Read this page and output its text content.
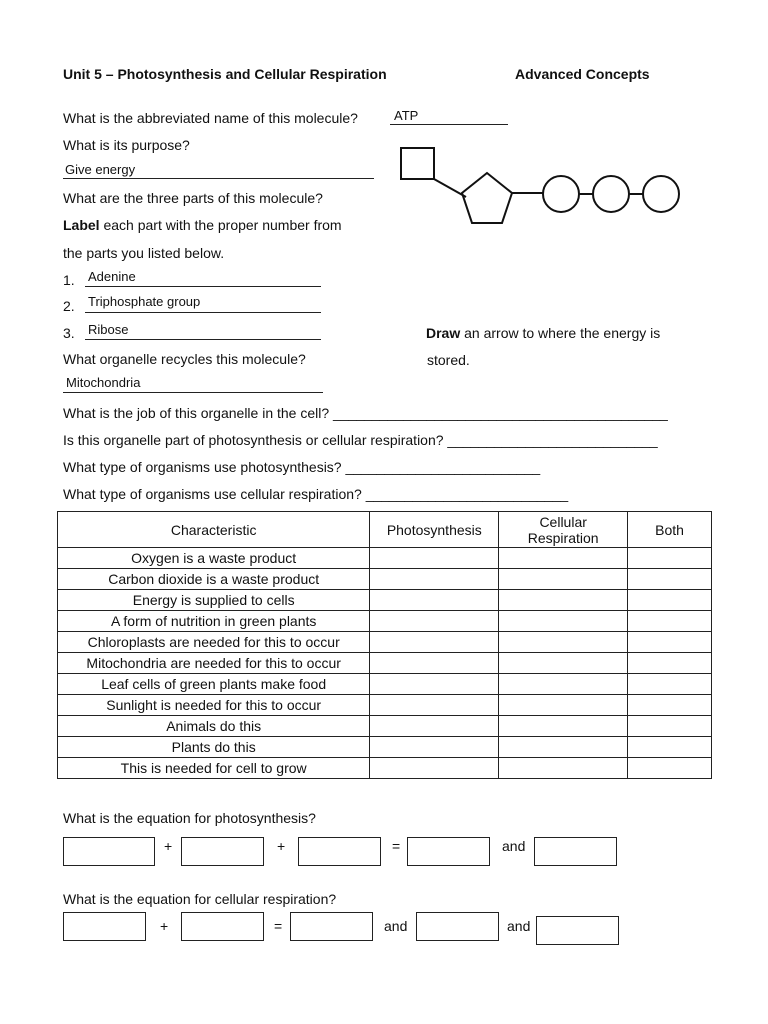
Unit 5 – Photosynthesis and Cellular Respiration	Advanced Concepts
What is the abbreviated name of this molecule?	ATP
What is its purpose?
Give energy
What are the three parts of this molecule?
Label each part with the proper number from
the parts you listed below.
1. Adenine
2. Triphosphate group
3. Ribose	Draw an arrow to where the energy is
stored.
What organelle recycles this molecule?
Mitochondria
What is the job of this organelle in the cell? ___________________________________________
Is this organelle part of photosynthesis or cellular respiration? ___________________________
What type of organisms use photosynthesis? _________________________
What type of organisms use cellular respiration? __________________________
Characteristic	Photosynthesis	Cellular Respiration	Both
Oxygen is a waste product			
Carbon dioxide is a waste product			
Energy is supplied to cells			
A form of nutrition in green plants			
Chloroplasts are needed for this to occur			
Mitochondria are needed for this to occur			
Leaf cells of green plants make food			
Sunlight is needed for this to occur			
Animals do this			
Plants do this			
This is needed for cell to grow			
What is the equation for photosynthesis?
+	+	=	and
What is the equation for cellular respiration?
+	=	and	and
